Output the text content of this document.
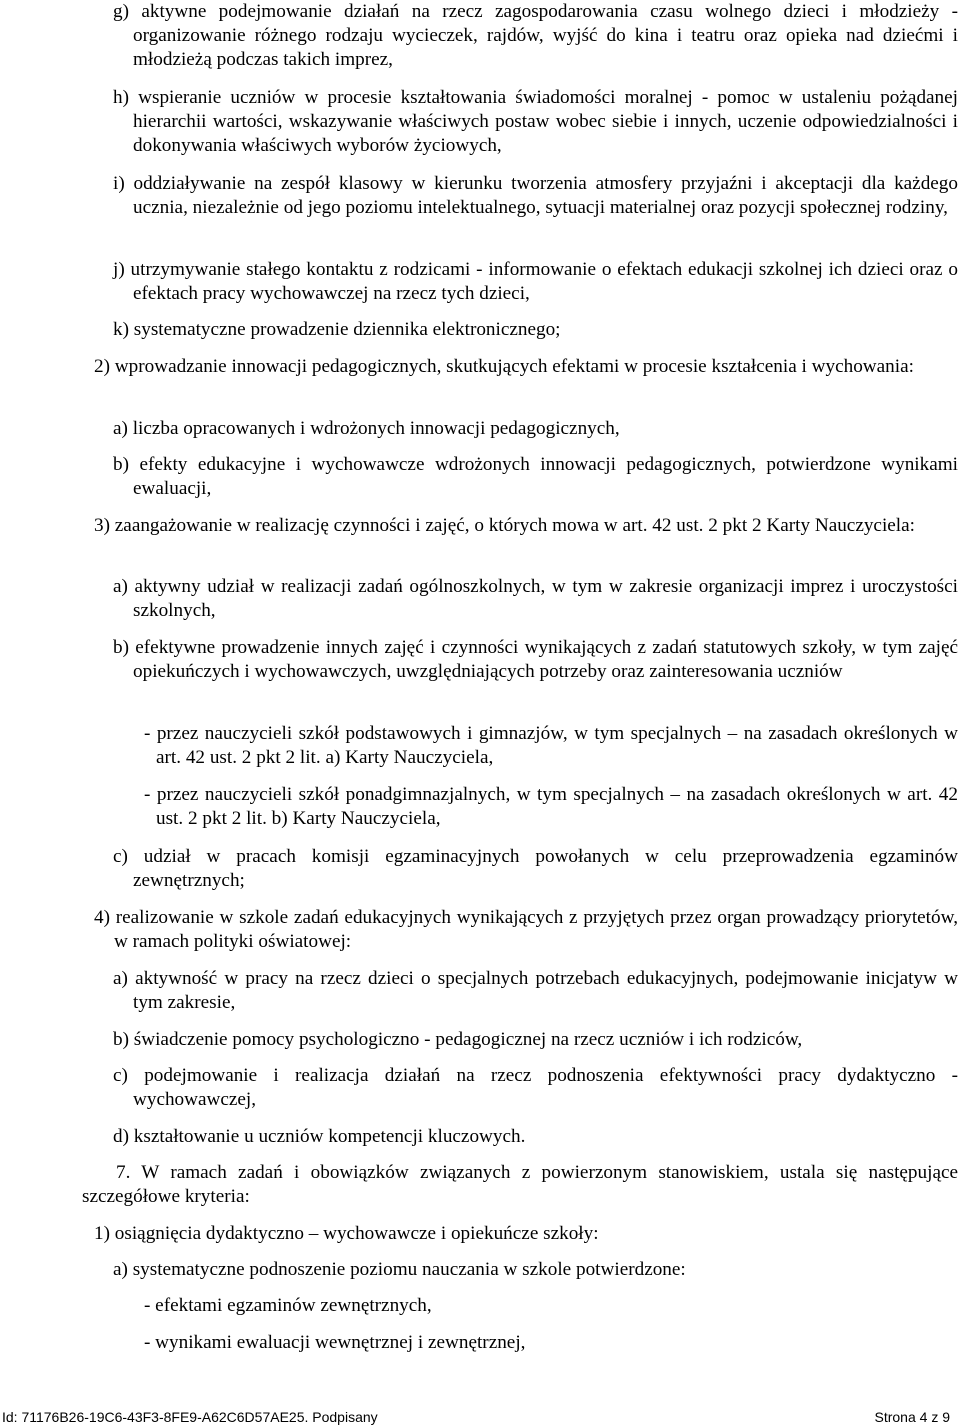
g) aktywne podejmowanie działań na rzecz zagospodarowania czasu wolnego dzieci i młodzieży - organizowanie różnego rodzaju wycieczek, rajdów, wyjść do kina i teatru oraz opieka nad dziećmi i młodzieżą podczas takich imprez,

h) wspieranie uczniów w procesie kształtowania świadomości moralnej - pomoc w ustaleniu pożądanej hierarchii wartości, wskazywanie właściwych postaw wobec siebie i innych, uczenie odpowiedzialności i dokonywania właściwych wyborów życiowych,

i) oddziaływanie na zespół klasowy w kierunku tworzenia atmosfery przyjaźni i akceptacji dla każdego ucznia, niezależnie od jego poziomu intelektualnego, sytuacji materialnej oraz pozycji społecznej rodziny,

j) utrzymywanie stałego kontaktu z rodzicami - informowanie o efektach edukacji szkolnej ich dzieci oraz o efektach pracy wychowawczej na rzecz tych dzieci,

k) systematyczne prowadzenie dziennika elektronicznego;

2) wprowadzanie innowacji pedagogicznych, skutkujących efektami w procesie kształcenia i wychowania:

a) liczba opracowanych i wdrożonych innowacji pedagogicznych,

b) efekty edukacyjne i wychowawcze wdrożonych innowacji pedagogicznych, potwierdzone wynikami ewaluacji,

3) zaangażowanie w realizację czynności i zajęć, o których mowa w art. 42 ust. 2 pkt 2 Karty Nauczyciela:

a) aktywny udział w realizacji zadań ogólnoszkolnych, w tym w zakresie organizacji imprez i uroczystości szkolnych,

b) efektywne prowadzenie innych zajęć i czynności wynikających z zadań statutowych szkoły, w tym zajęć opiekuńczych i wychowawczych, uwzględniających potrzeby oraz zainteresowania uczniów

- przez nauczycieli szkół podstawowych i gimnazjów, w tym specjalnych – na zasadach określonych w art. 42 ust. 2 pkt 2 lit. a) Karty Nauczyciela,

- przez nauczycieli szkół ponadgimnazjalnych, w tym specjalnych – na zasadach określonych w art. 42 ust. 2 pkt 2 lit. b) Karty Nauczyciela,

c) udział w pracach komisji egzaminacyjnych powołanych w celu przeprowadzenia egzaminów zewnętrznych;

4) realizowanie w szkole zadań edukacyjnych wynikających z przyjętych przez organ prowadzący priorytetów, w ramach polityki oświatowej:

a) aktywność w pracy na rzecz dzieci o specjalnych potrzebach edukacyjnych, podejmowanie inicjatyw w tym zakresie,

b) świadczenie pomocy psychologiczno - pedagogicznej na rzecz uczniów i ich rodziców,

c) podejmowanie i realizacja działań na rzecz podnoszenia efektywności pracy dydaktyczno - wychowawczej,

d) kształtowanie u uczniów kompetencji kluczowych.

7. W ramach zadań i obowiązków związanych z powierzonym stanowiskiem, ustala się następujące szczegółowe kryteria:

1) osiągnięcia dydaktyczno – wychowawcze i opiekuńcze szkoły:

a) systematyczne podnoszenie poziomu nauczania w szkole potwierdzone:

- efektami egzaminów zewnętrznych,

- wynikami ewaluacji wewnętrznej i zewnętrznej,

Id: 71176B26-19C6-43F3-8FE9-A62C6D57AE25. Podpisany	Strona 4 z 9
